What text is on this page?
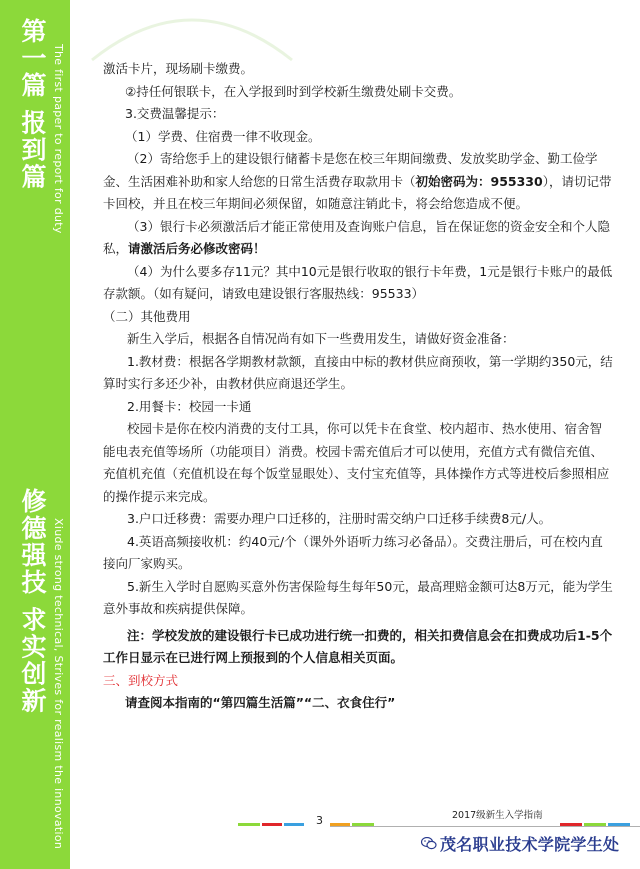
第一篇 报到篇 The first paper to report for duty
修德强技 求实创新 Xiude strong technical, Strives for realism the innovation

激活卡片，现场刷卡缴费。

②持任何银联卡，在入学报到时到学校新生缴费处刷卡交费。

3.交费温馨提示：

（1）学费、住宿费一律不收现金。

（2）寄给您手上的建设银行储蓄卡是您在校三年期间缴费、发放奖助学金、勤工俭学金、生活困难补助和家人给您的日常生活费存取款用卡（初始密码为：955330），请切记带卡回校，并且在校三年期间必须保留，如随意注销此卡，将会给您造成不便。

（3）银行卡必须激活后才能正常使用及查询账户信息，旨在保证您的资金安全和个人隐私，请激活后务必修改密码！

（4）为什么要多存11元？其中10元是银行收取的银行卡年费，1元是银行卡账户的最低存款额。（如有疑问，请致电建设银行客服热线：95533）

（二）其他费用

新生入学后，根据各自情况尚有如下一些费用发生，请做好资金准备：

1.教材费：根据各学期教材款额，直接由中标的教材供应商预收，第一学期约350元，结算时实行多还少补，由教材供应商退还学生。

2.用餐卡：校园一卡通

校园卡是你在校内消费的支付工具，你可以凭卡在食堂、校内超市、热水使用、宿舍智能电表充值等场所（功能项目）消费。校园卡需充值后才可以使用，充值方式有微信充值、充值机充值（充值机设在每个饭堂显眼处）、支付宝充值等，具体操作方式等进校后参照相应的操作提示来完成。

3.户口迁移费：需要办理户口迁移的，注册时需交纳户口迁移手续费8元/人。

4.英语高频接收机：约40元/个（课外外语听力练习必备品）。交费注册后，可在校内直接向厂家购买。

5.新生入学时自愿购买意外伤害保险每生每年50元，最高理赔金额可达8万元，能为学生意外事故和疾病提供保障。

注：学校发放的建设银行卡已成功进行统一扣费的，相关扣费信息会在扣费成功后1-5个工作日显示在已进行网上预报到的个人信息相关页面。

三、到校方式

请查阅本指南的“第四篇生活篇”“二、衣食住行”

3	2017级新生入学指南
茂名职业技术学院学生处
